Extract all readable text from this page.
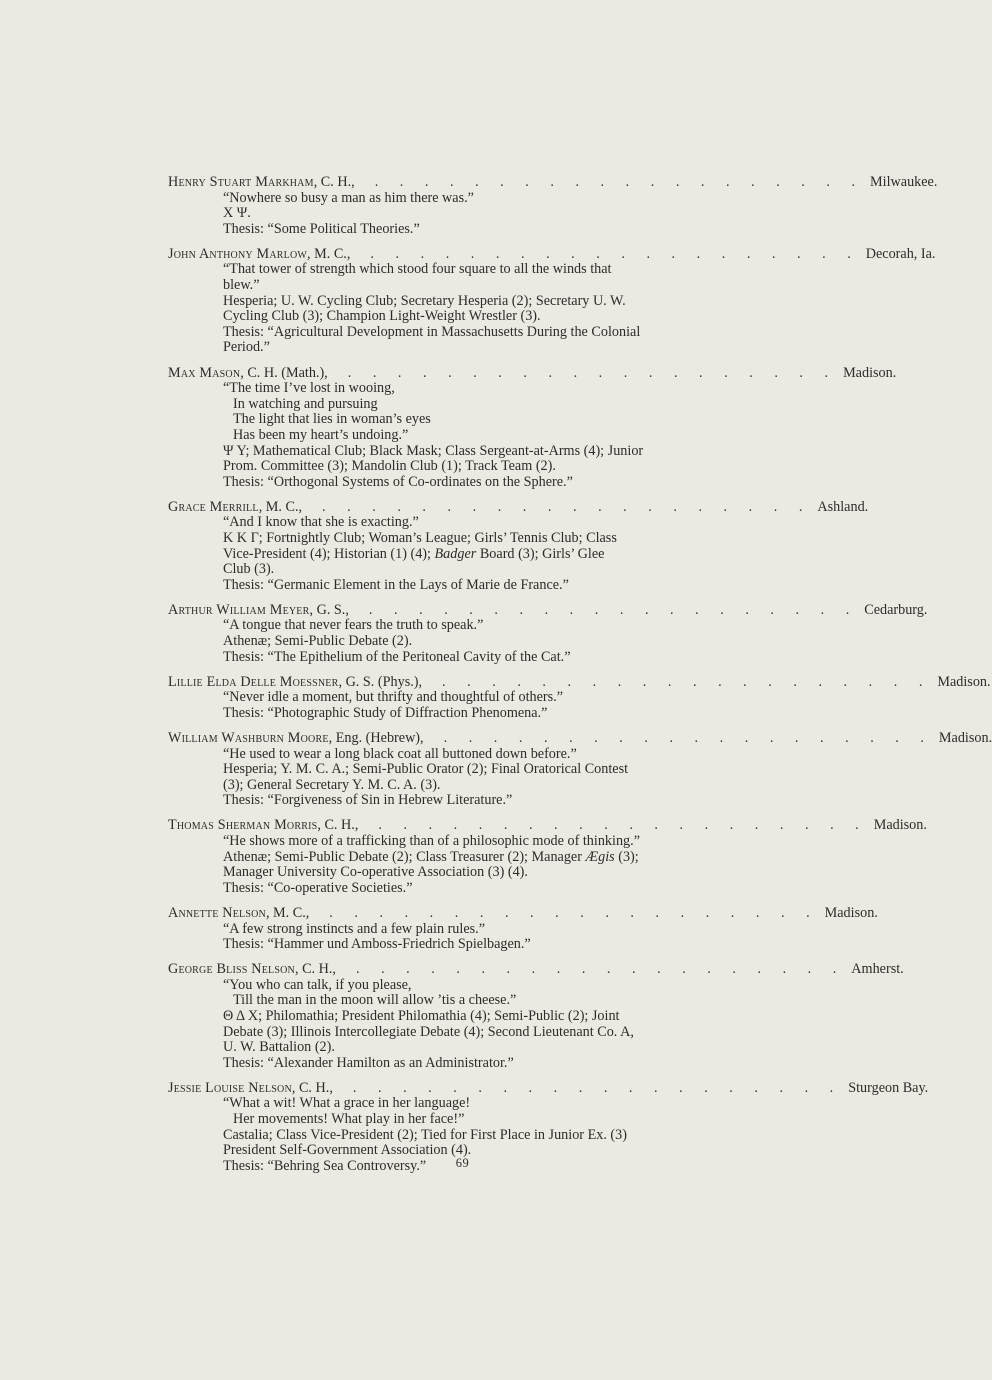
Henry Stuart Markham , C. H.,	. . . . . . . . . . . . . . . . . . . . Milwaukee.
“Nowhere so busy a man as him there was.”
Χ Ψ.
Thesis: “Some Political Theories.”
John Anthony Marlow , M. C.,	. . . . . . . . . . . . . . . . . . . . Decorah, Ia.
“That tower of strength which stood four square to all the winds that
blew.”
Hesperia; U. W. Cycling Club; Secretary Hesperia (2); Secretary U. W.
Cycling Club (3); Champion Light-Weight Wrestler (3).
Thesis: “Agricultural Development in Massachusetts During the Colonial
Period.”
Max Mason , C. H. (Math.),	. . . . . . . . . . . . . . . . . . . . Madison.
“The time I’ve lost in wooing,
In watching and pursuing
The light that lies in woman’s eyes
Has been my heart’s undoing.”
Ψ Υ; Mathematical Club; Black Mask; Class Sergeant-at-Arms (4); Junior
Prom. Committee (3); Mandolin Club (1); Track Team (2).
Thesis: “Orthogonal Systems of Co-ordinates on the Sphere.”
Grace Merrill , M. C.,	. . . . . . . . . . . . . . . . . . . . Ashland.
“And I know that she is exacting.”
Κ Κ Γ; Fortnightly Club; Woman’s League; Girls’ Tennis Club; Class
Vice-President (4); Historian (1) (4); Badger Board (3); Girls’ Glee
Club (3).
Thesis: “Germanic Element in the Lays of Marie de France.”
Arthur William Meyer , G. S.,	. . . . . . . . . . . . . . . . . . . . Cedarburg.
“A tongue that never fears the truth to speak.”
Athenæ; Semi-Public Debate (2).
Thesis: “The Epithelium of the Peritoneal Cavity of the Cat.”
Lillie Elda Delle Moessner , G. S. (Phys.),	. . . . . . . . . . . . . . . . . . . . Madison.
“Never idle a moment, but thrifty and thoughtful of others.”
Thesis: “Photographic Study of Diffraction Phenomena.”
William Washburn Moore , Eng. (Hebrew),	. . . . . . . . . . . . . . . . . . . . Madison.
“He used to wear a long black coat all buttoned down before.”
Hesperia; Y. M. C. A.; Semi-Public Orator (2); Final Oratorical Contest
(3); General Secretary Y. M. C. A. (3).
Thesis: “Forgiveness of Sin in Hebrew Literature.”
Thomas Sherman Morris , C. H.,	. . . . . . . . . . . . . . . . . . . . Madison.
“He shows more of a trafficking than of a philosophic mode of thinking.”
Athenæ; Semi-Public Debate (2); Class Treasurer (2); Manager Ægis (3);
Manager University Co-operative Association (3) (4).
Thesis: “Co-operative Societies.”
Annette Nelson , M. C.,	. . . . . . . . . . . . . . . . . . . . Madison.
“A few strong instincts and a few plain rules.”
Thesis: “Hammer und Amboss-Friedrich Spielbagen.”
George Bliss Nelson , C. H.,	. . . . . . . . . . . . . . . . . . . . Amherst.
“You who can talk, if you please,
Till the man in the moon will allow ’tis a cheese.”
Θ Δ Χ; Philomathia; President Philomathia (4); Semi-Public (2); Joint
Debate (3); Illinois Intercollegiate Debate (4); Second Lieutenant Co. A,
U. W. Battalion (2).
Thesis: “Alexander Hamilton as an Administrator.”
Jessie Louise Nelson , C. H.,	. . . . . . . . . . . . . . . . . . . . Sturgeon Bay.
“What a wit! What a grace in her language!
Her movements! What play in her face!”
Castalia; Class Vice-President (2); Tied for First Place in Junior Ex. (3)
President Self-Government Association (4).
Thesis: “Behring Sea Controversy.”	69
